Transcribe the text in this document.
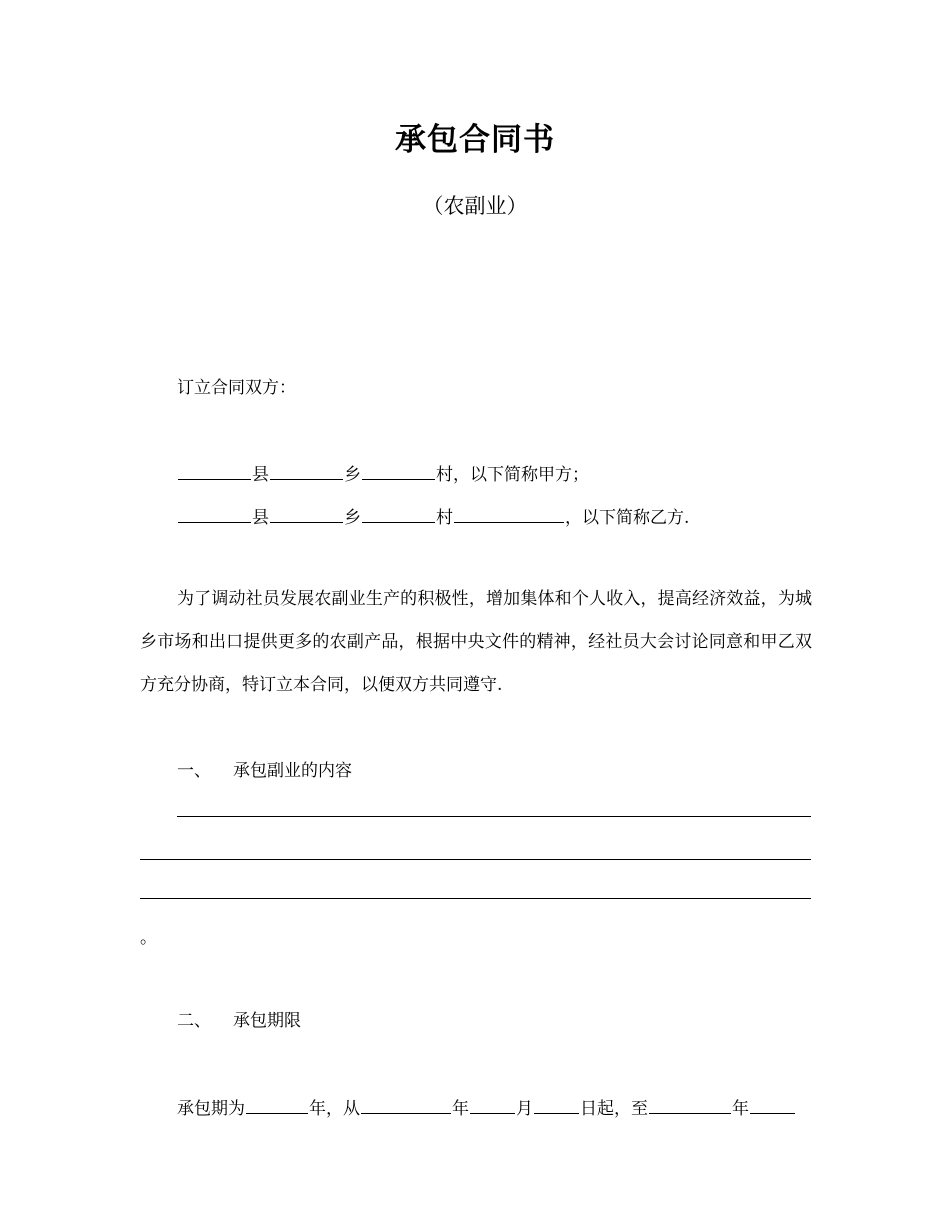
承包合同书
（农副业）
订立合同双方：
县	乡	村，以下简称甲方；
县	乡	村	，以下简称乙方.
为了调动社员发展农副业生产的积极性，增加集体和个人收入，提高经济效益，为城乡市场和出口提供更多的农副产品，根据中央文件的精神，经社员大会讨论同意和甲乙双方充分协商，特订立本合同，以便双方共同遵守.
一、 承包副业的内容
。
二、 承包期限
承包期为	年，从	年	月	日起，至	年
